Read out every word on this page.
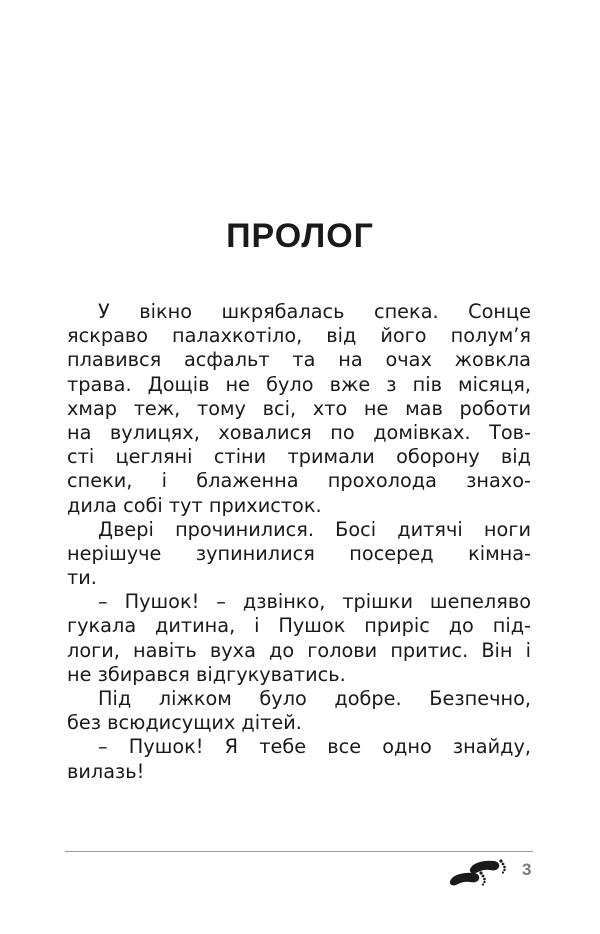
ПРОЛОГ
У вікно шкрябалась спека. Сонце
яскраво палахкотіло, від його полум’я
плавився асфальт та на очах жовкла
трава. Дощів не було вже з пів місяця,
хмар теж, тому всі, хто не мав роботи
на вулицях, ховалися по домівках. Тов-
сті цегляні стіни тримали оборону від
спеки, і блаженна прохолода знахо-
дила собі тут прихисток.
Двері прочинилися. Босі дитячі ноги
нерішуче зупинилися посеред кімна-
ти.
– Пушок! – дзвінко, трішки шепеляво
гукала дитина, і Пушок приріс до під-
логи, навіть вуха до голови притис. Він і
не збирався відгукуватись.
Під ліжком було добре. Безпечно,
без всюдисущих дітей.
– Пушок! Я тебе все одно знайду,
вилазь!
3
